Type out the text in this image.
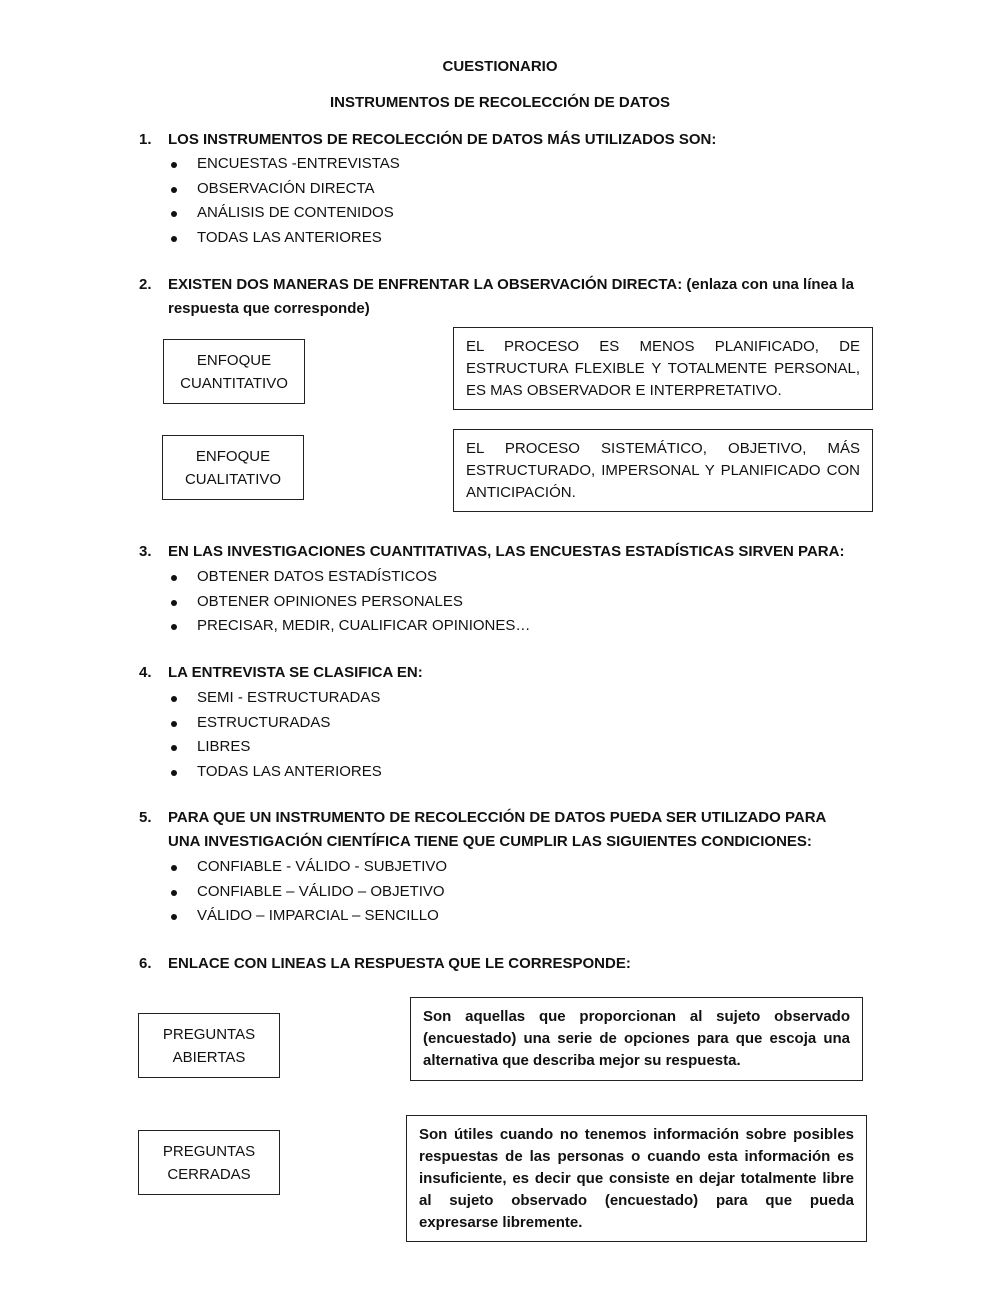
CUESTIONARIO
INSTRUMENTOS DE RECOLECCIÓN DE DATOS
1. LOS INSTRUMENTOS DE RECOLECCIÓN DE DATOS MÁS UTILIZADOS SON:
ENCUESTAS -ENTREVISTAS
OBSERVACIÓN DIRECTA
ANÁLISIS DE CONTENIDOS
TODAS LAS ANTERIORES
2. EXISTEN DOS MANERAS DE ENFRENTAR LA OBSERVACIÓN DIRECTA: (enlaza con una línea la
respuesta que corresponde)
ENFOQUE
CUANTITATIVO
EL PROCESO ES MENOS PLANIFICADO, DE ESTRUCTURA FLEXIBLE Y TOTALMENTE PERSONAL, ES MAS OBSERVADOR E INTERPRETATIVO.
ENFOQUE
CUALITATIVO
EL PROCESO SISTEMÁTICO, OBJETIVO, MÁS ESTRUCTURADO, IMPERSONAL Y PLANIFICADO CON ANTICIPACIÓN.
3. EN LAS INVESTIGACIONES CUANTITATIVAS, LAS ENCUESTAS ESTADÍSTICAS SIRVEN PARA:
OBTENER DATOS ESTADÍSTICOS
OBTENER OPINIONES PERSONALES
PRECISAR, MEDIR, CUALIFICAR OPINIONES…
4. LA ENTREVISTA SE CLASIFICA EN:
SEMI - ESTRUCTURADAS
ESTRUCTURADAS
LIBRES
TODAS LAS ANTERIORES
5. PARA QUE UN INSTRUMENTO DE RECOLECCIÓN DE DATOS PUEDA SER UTILIZADO PARA
UNA INVESTIGACIÓN CIENTÍFICA TIENE QUE CUMPLIR LAS SIGUIENTES CONDICIONES:
CONFIABLE - VÁLIDO - SUBJETIVO
CONFIABLE – VÁLIDO – OBJETIVO
VÁLIDO – IMPARCIAL – SENCILLO
6. ENLACE CON LINEAS LA RESPUESTA QUE LE CORRESPONDE:
PREGUNTAS
ABIERTAS
Son aquellas que proporcionan al sujeto observado (encuestado) una serie de opciones para que escoja una alternativa que describa mejor su respuesta.
PREGUNTAS
CERRADAS
Son útiles cuando no tenemos información sobre posibles respuestas de las personas o cuando esta información es insuficiente, es decir que consiste en dejar totalmente libre al sujeto observado (encuestado) para que pueda expresarse libremente.
